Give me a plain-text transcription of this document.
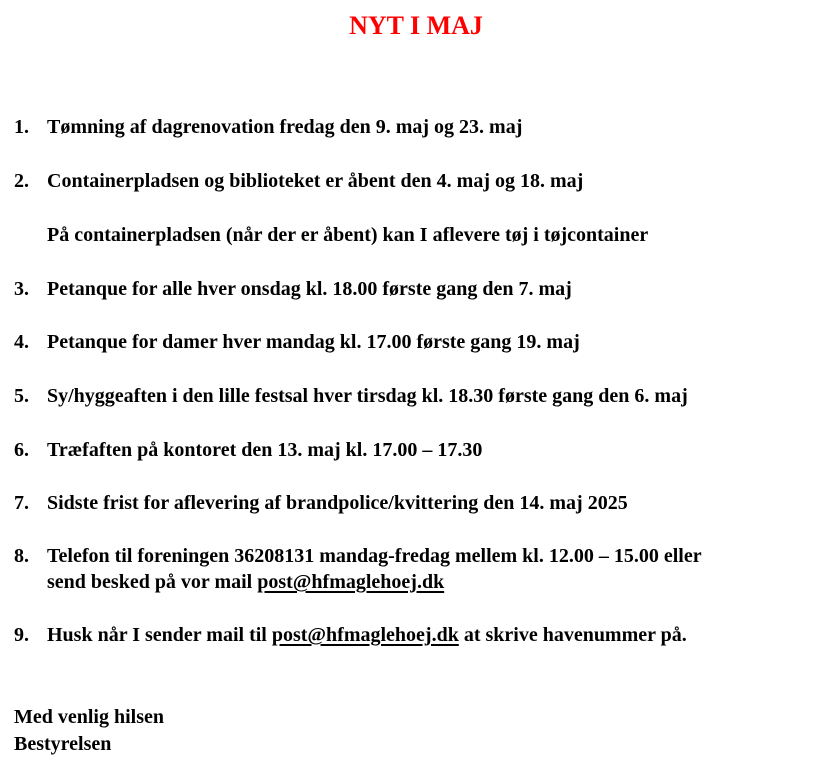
NYT I MAJ
1. Tømning af dagrenovation fredag den 9. maj og 23. maj
2. Containerpladsen og biblioteket er åbent den 4. maj og 18. maj
På containerpladsen (når der er åbent) kan I aflevere tøj i tøjcontainer
3. Petanque for alle hver onsdag kl. 18.00 første gang den 7. maj
4. Petanque for damer hver mandag kl. 17.00 første gang 19. maj
5. Sy/hyggeaften i den lille festsal hver tirsdag kl. 18.30 første gang den 6. maj
6. Træfaften på kontoret den 13. maj kl. 17.00 – 17.30
7. Sidste frist for aflevering af brandpolice/kvittering den 14. maj 2025
8. Telefon til foreningen 36208131 mandag-fredag mellem kl. 12.00 – 15.00 eller
send besked på vor mail post@hfmaglehoej.dk
9. Husk når I sender mail til post@hfmaglehoej.dk at skrive havenummer på.
Med venlig hilsen
Bestyrelsen
